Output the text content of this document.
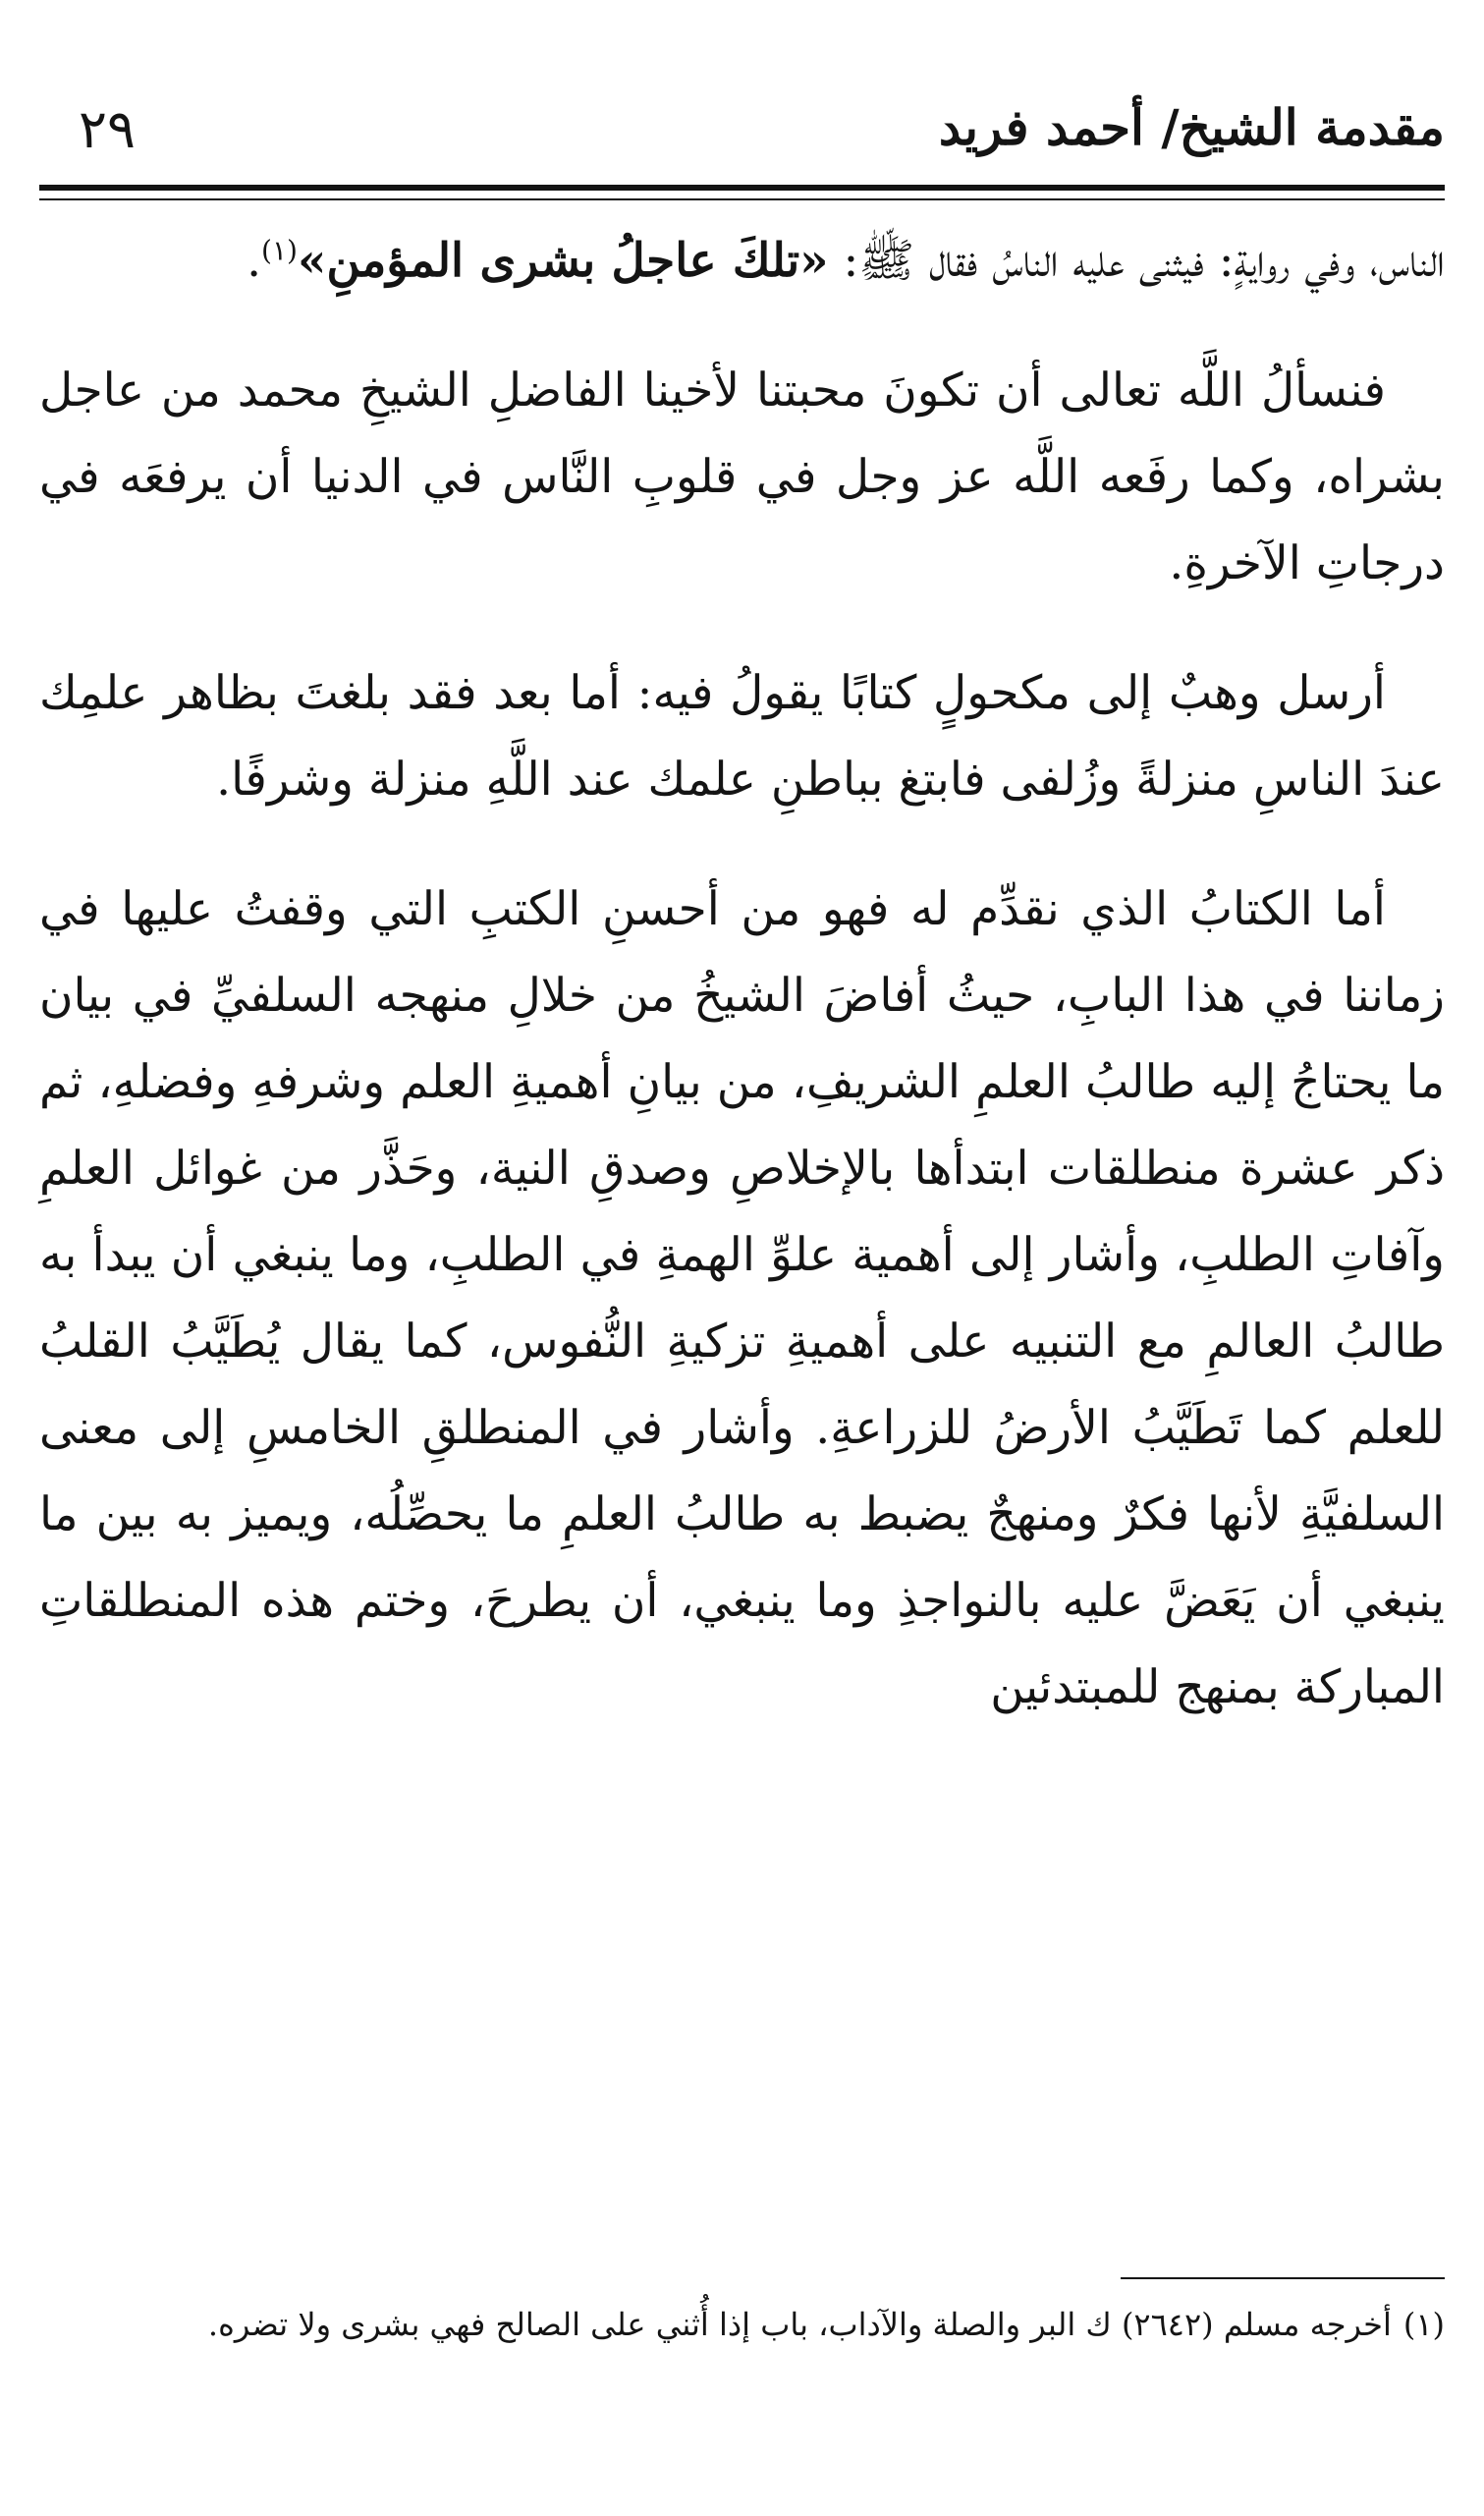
مقدمة الشيخ/ أحمد فريد
٢٩

الناس، وفي روايةٍ: فيثنى عليه الناسُ فقال ﷺ: «تلكَ عاجلُ بشرى المؤمنِ»$^{(١)}$.

فنسألُ اللَّه تعالى أن تكونَ محبتنا لأخينا الفاضلِ الشيخِ محمد من عاجل بشراه، وكما رفَعه اللَّه عز وجل في قلوبِ النَّاس في الدنيا أن يرفعَه في درجاتِ الآخرةِ.

أرسل وهبٌ إلى مكحولٍ كتابًا يقولُ فيه: أما بعد فقد بلغتَ بظاهر علمِك عندَ الناسِ منزلةً وزُلفى فابتغ بباطنِ علمك عند اللَّهِ منزلة وشرفًا.

أما الكتابُ الذي نقدِّم له فهو من أحسنِ الكتبِ التي وقفتُ عليها في زماننا في هذا البابِ، حيثُ أفاضَ الشيخُ من خلالِ منهجه السلفيِّ في بيان ما يحتاجُ إليه طالبُ العلمِ الشريفِ، من بيانِ أهميةِ العلم وشرفهِ وفضلهِ، ثم ذكر عشرة منطلقات ابتدأها بالإخلاصِ وصدقِ النية، وحَذَّر من غوائل العلمِ وآفاتِ الطلبِ، وأشار إلى أهمية علوِّ الهمةِ في الطلبِ، وما ينبغي أن يبدأ به طالبُ العالمِ مع التنبيه على أهميةِ تزكيةِ النُّفوس، كما يقال يُطَيَّبُ القلبُ للعلم كما تَطَيَّبُ الأرضُ للزراعةِ. وأشار في المنطلقِ الخامسِ إلى معنى السلفيَّةِ لأنها فكرٌ ومنهجٌ يضبط به طالبُ العلمِ ما يحصِّلُه، ويميز به بين ما ينبغي أن يَعَضَّ عليه بالنواجذِ وما ينبغي، أن يطرحَ، وختم هذه المنطلقاتِ المباركة بمنهج للمبتدئين

(١)أخرجه مسلم (٢٦٤٢) ك البر والصلة والآداب، باب إذا أُثني على الصالح فهي بشرى ولا تضره.
